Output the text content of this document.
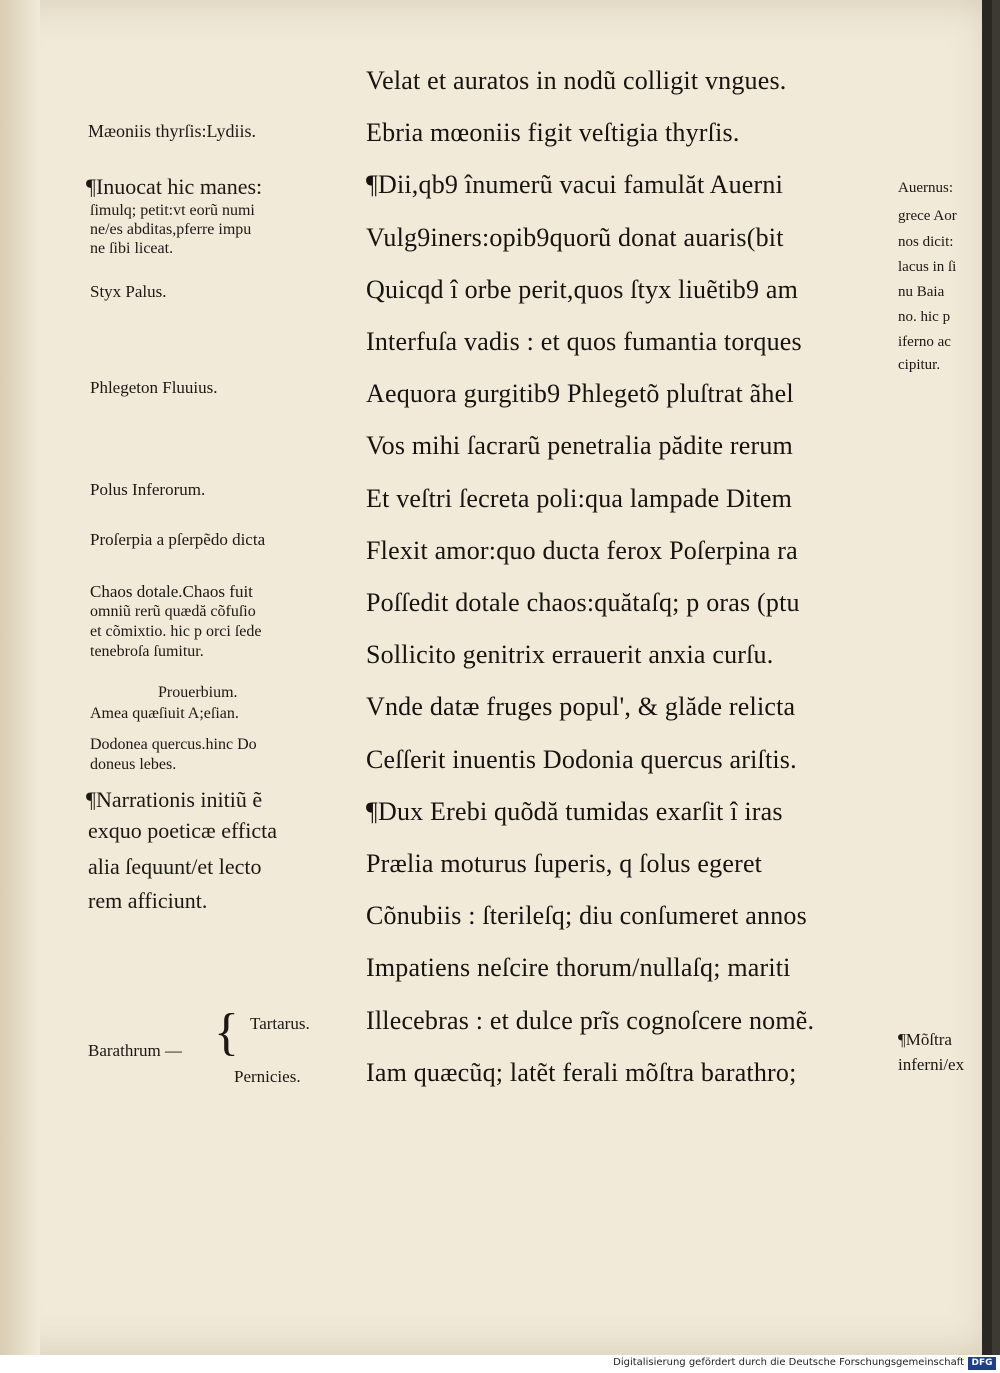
Velat et auratos in nodũ colligit vngues.
Ebria mœoniis figit veſtigia thyrſis.
¶Dii,qb9 înumerũ vacui famulăt Auerni
Vulg9iners:opib9quorũ donat auaris(bit
Quicqd î orbe perit,quos ſtyx liuẽtib9 am
Interfuſa vadis : et quos fumantia torques
Aequora gurgitib9 Phlegetõ pluſtrat ãhel
Vos mihi ſacrarũ penetralia pădite rerum
Et veſtri ſecreta poli:qua lampade Ditem
Flexit amor:quo ducta ferox Poſerpina ra
Poſſedit dotale chaos:quătaſq; p oras (ptu
Sollicito genitrix errauerit anxia curſu.
Vnde datæ fruges popul', & glăde relicta
Ceſſerit inuentis Dodonia quercus ariſtis.
¶Dux Erebi quõdă tumidas exarſit î iras
Prælia moturus ſuperis, q ſolus egeret
Cõnubiis : ſterileſq; diu conſumeret annos
Impatiens neſcire thorum/nullaſq; mariti
Illecebras : et dulce prĩs cognoſcere nomẽ.
Iam quæcũq; latẽt ferali mõſtra barathro;
Mæoniis thyrſis:Lydiis.
¶Inuocat hic manes:
ſimulq; petit:vt eorũ numi
ne/es abditas,pferre impu
ne ſibi liceat.
Styx Palus.
Phlegeton Fluuius.
Polus Inferorum.
Proſerpia a pſerpẽdo dicta
Chaos dotale.Chaos fuit
omniũ rerũ quædă cõfuſio
et cõmixtio. hic p orci ſede
tenebroſa ſumitur.
Prouerbium.
Amea quæſiuit A;eſian.
Dodonea quercus.hinc Do
doneus lebes.
¶Narrationis initiũ ẽ
exquo poeticæ efficta
alia ſequunt/et lecto
rem afficiunt.
Barathrum — { Tartarus.
Pernicies.
Auernus:
grece Aor
nos dicit:
lacus in ſi
nu Baia
no. hic p
iferno ac
cipitur.
¶Mõſtra
inferni/ex
Digitalisierung gefördert durch die Deutsche Forschungsgemeinschaft DFG
